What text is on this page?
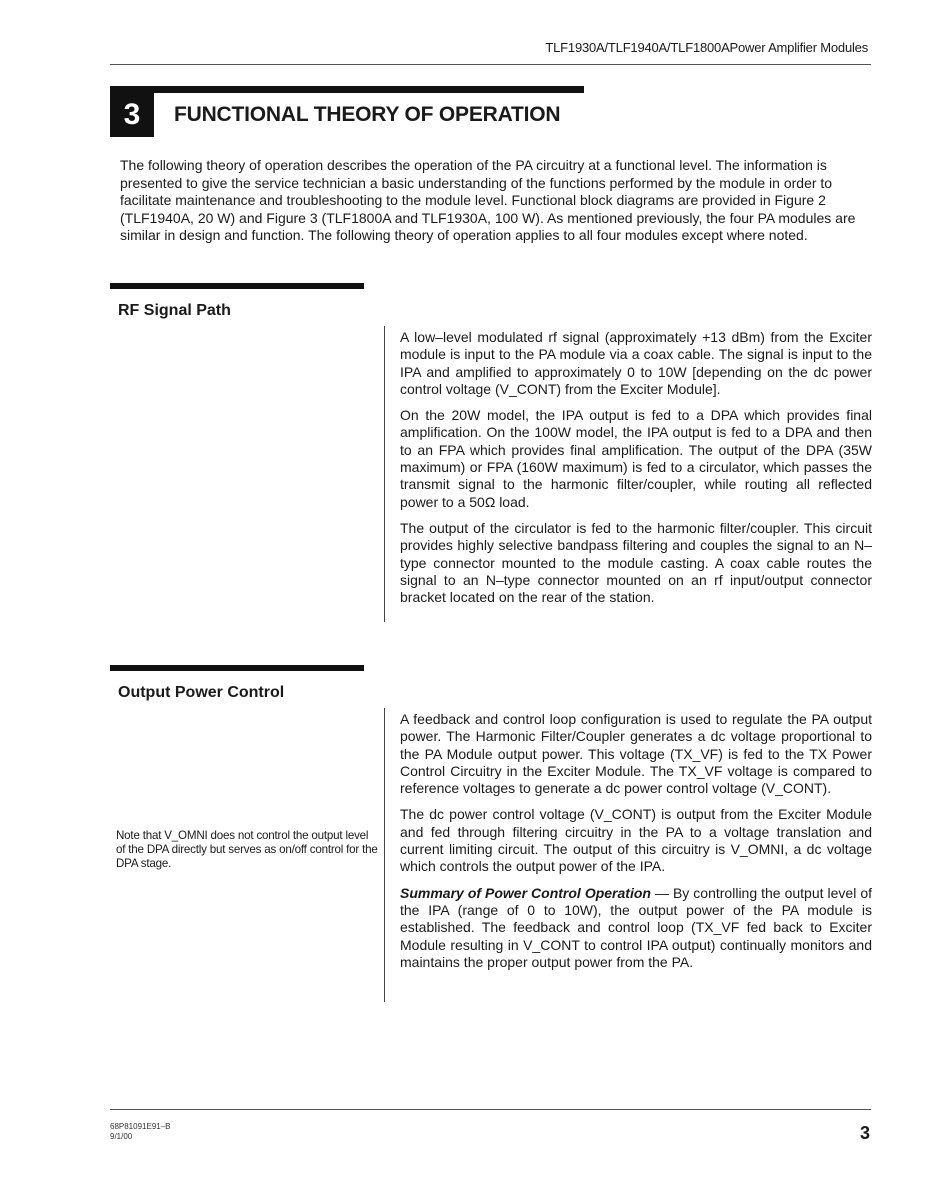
TLF1930A/TLF1940A/TLF1800APower Amplifier Modules
3	FUNCTIONAL THEORY OF OPERATION

The following theory of operation describes the operation of the PA circuitry at a functional level. The information is presented to give the service technician a basic understanding of the functions performed by the module in order to facilitate maintenance and troubleshooting to the module level. Functional block diagrams are provided in Figure 2 (TLF1940A, 20 W) and Figure 3 (TLF1800A and TLF1930A, 100 W). As mentioned previously, the four PA modules are similar in design and function. The following theory of operation applies to all four modules except where noted.

RF Signal Path

A low–level modulated rf signal (approximately +13 dBm) from the Exciter module is input to the PA module via a coax cable. The signal is input to the IPA and amplified to approximately 0 to 10W [depending on the dc power control voltage (V_CONT) from the Exciter Module].

On the 20W model, the IPA output is fed to a DPA which provides final amplification. On the 100W model, the IPA output is fed to a DPA and then to an FPA which provides final amplification. The output of the DPA (35W maximum) or FPA (160W maximum) is fed to a circulator, which passes the transmit signal to the harmonic filter/coupler, while routing all reflected power to a 50Ω load.

The output of the circulator is fed to the harmonic filter/coupler. This circuit provides highly selective bandpass filtering and couples the signal to an N–type connector mounted to the module casting. A coax cable routes the signal to an N–type connector mounted on an rf input/output connector bracket located on the rear of the station.

Output Power Control

A feedback and control loop configuration is used to regulate the PA output power. The Harmonic Filter/Coupler generates a dc voltage proportional to the PA Module output power. This voltage (TX_VF) is fed to the TX Power Control Circuitry in the Exciter Module. The TX_VF voltage is compared to reference voltages to generate a dc power control voltage (V_CONT).

The dc power control voltage (V_CONT) is output from the Exciter Module and fed through filtering circuitry in the PA to a voltage translation and current limiting circuit. The output of this circuitry is V_OMNI, a dc voltage which controls the output power of the IPA.

Summary of Power Control Operation — By controlling the output level of the IPA (range of 0 to 10W), the output power of the PA module is established. The feedback and control loop (TX_VF fed back to Exciter Module resulting in V_CONT to control IPA output) continually monitors and maintains the proper output power from the PA.

Note that V_OMNI does not control the output level of the DPA directly but serves as on/off control for the DPA stage.
68P81091E91–B
9/1/00	3
